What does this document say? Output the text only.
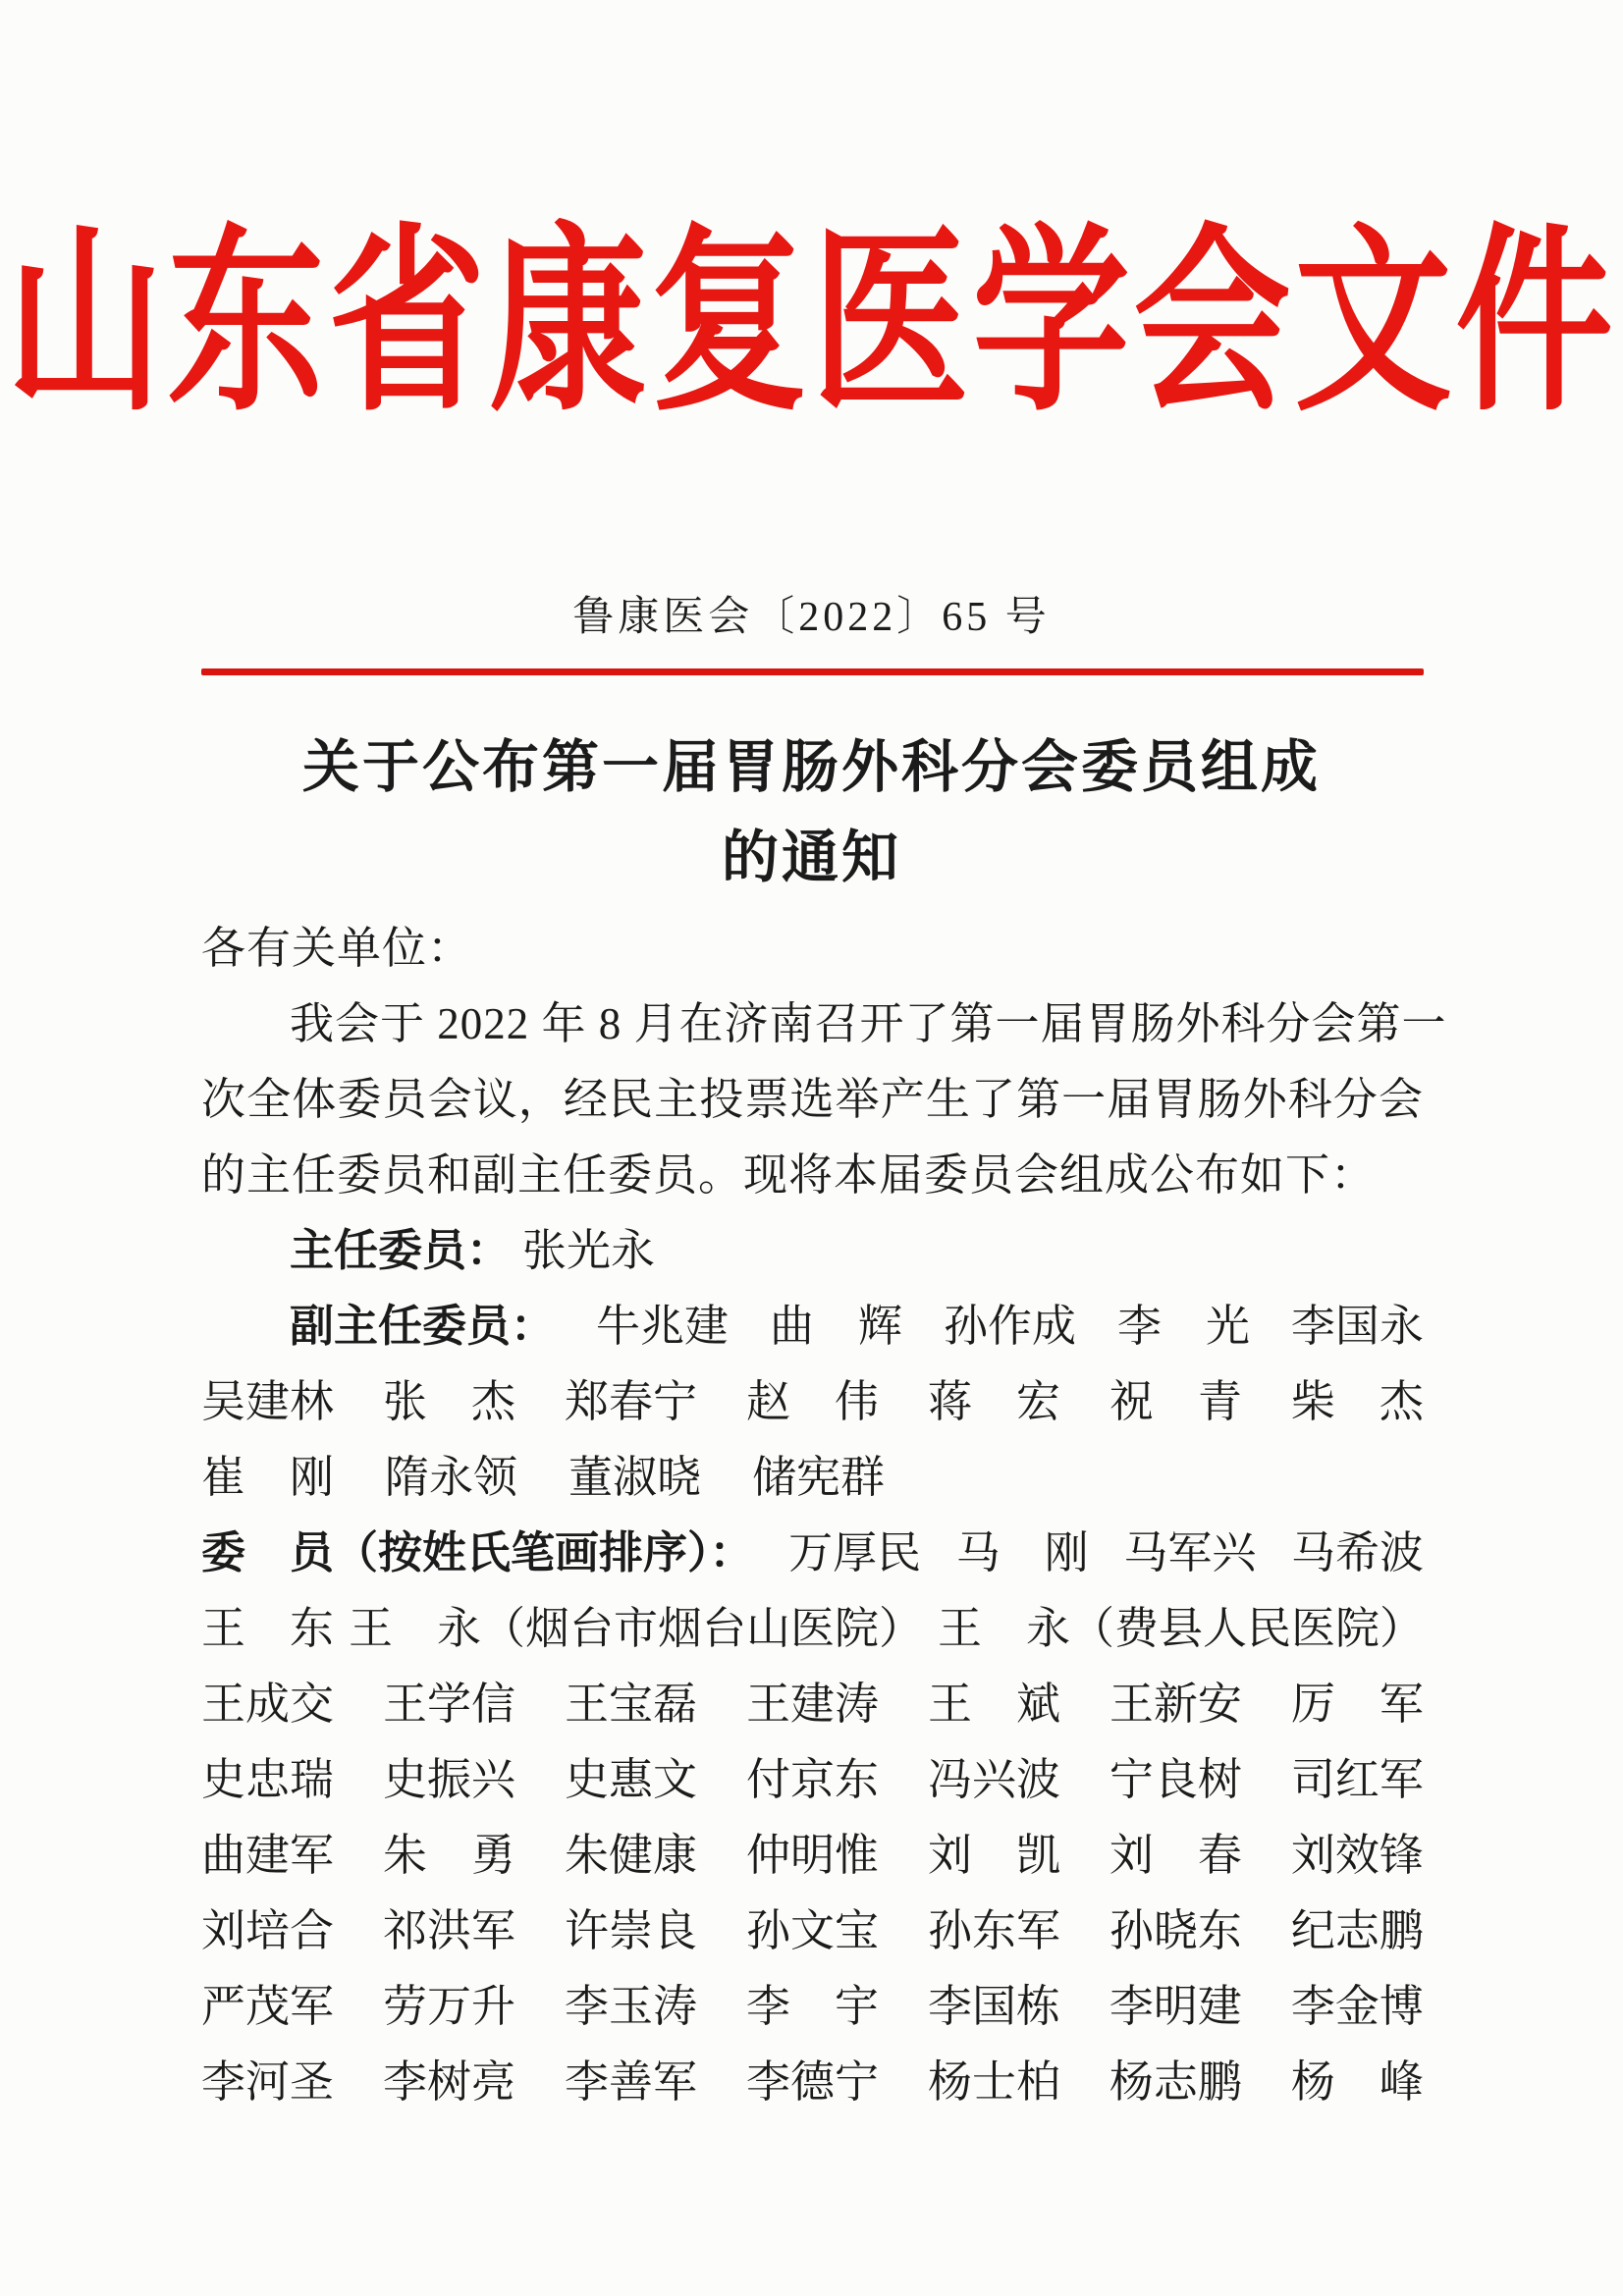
山东省康复医学会文件
鲁康医会〔2022〕65 号
关于公布第一届胃肠外科分会委员组成
的通知
各有关单位：
我会于 2022 年 8 月在济南召开了第一届胃肠外科分会第一
次全体委员会议，经民主投票选举产生了第一届胃肠外科分会
的主任委员和副主任委员。现将本届委员会组成公布如下：
主任委员： 张光永
副主任委员： 牛兆建 曲　辉 孙作成 李　光 李国永
吴建林 张　杰 郑春宁 赵　伟 蒋　宏 祝　青 柴　杰
崔　刚 隋永领 董淑晓 储宪群
委　员（按姓氏笔画排序）： 万厚民 马　刚 马军兴 马希波
王　东 王　永（烟台市烟台山医院） 王　永（费县人民医院）
王成交 王学信 王宝磊 王建涛 王　斌 王新安 厉　军
史忠瑞 史振兴 史惠文 付京东 冯兴波 宁良树 司红军
曲建军 朱　勇 朱健康 仲明惟 刘　凯 刘　春 刘效锋
刘培合 祁洪军 许崇良 孙文宝 孙东军 孙晓东 纪志鹏
严茂军 劳万升 李玉涛 李　宇 李国栋 李明建 李金博
李河圣 李树亮 李善军 李德宁 杨士柏 杨志鹏 杨　峰
